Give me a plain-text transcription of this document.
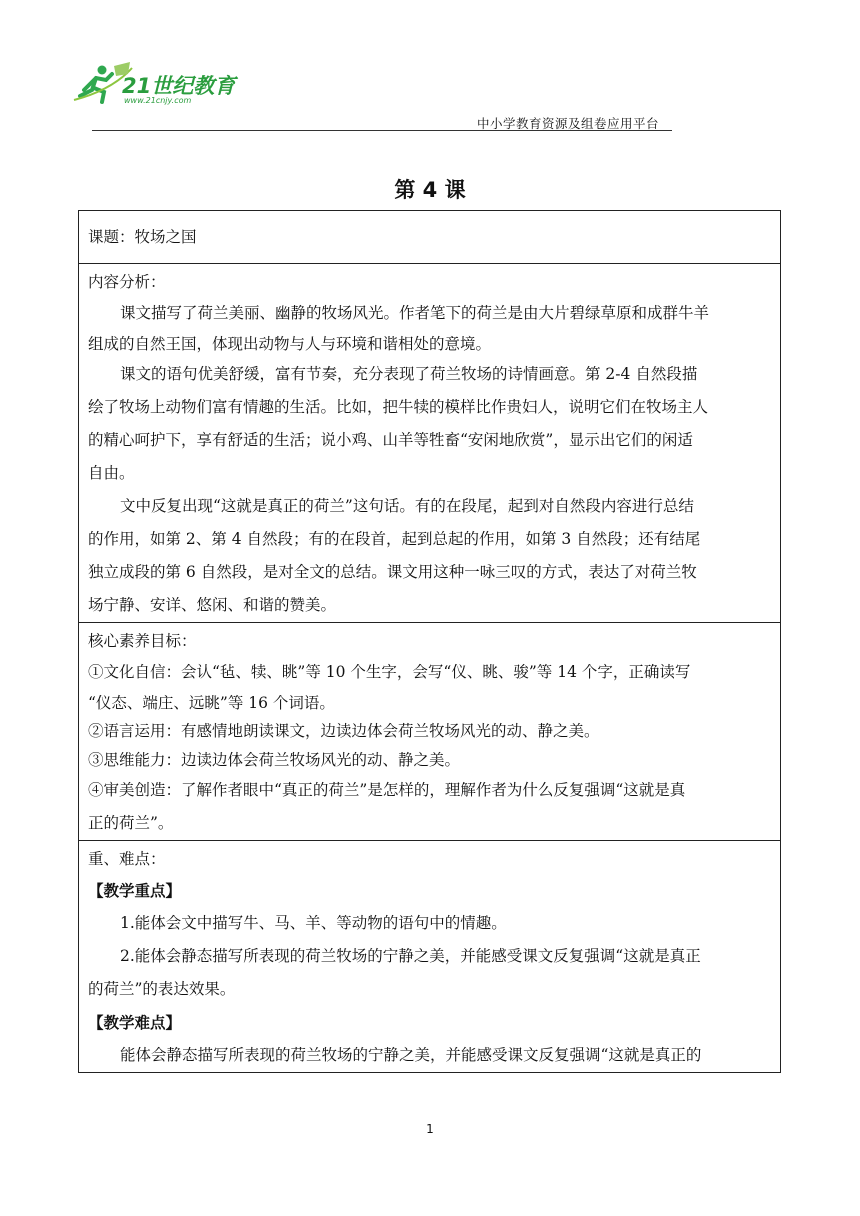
21世纪教育
www.21cnjy.com
中小学教育资源及组卷应用平台
第 4 课
课题：牧场之国

内容分析：
课文描写了荷兰美丽、幽静的牧场风光。作者笔下的荷兰是由大片碧绿草原和成群牛羊
组成的自然王国，体现出动物与人与环境和谐相处的意境。
课文的语句优美舒缓，富有节奏，充分表现了荷兰牧场的诗情画意。第 2-4 自然段描
绘了牧场上动物们富有情趣的生活。比如，把牛犊的模样比作贵妇人，说明它们在牧场主人
的精心呵护下，享有舒适的生活；说小鸡、山羊等牲畜“安闲地欣赏”，显示出它们的闲适
自由。
文中反复出现“这就是真正的荷兰”这句话。有的在段尾，起到对自然段内容进行总结
的作用，如第 2、第 4 自然段；有的在段首，起到总起的作用，如第 3 自然段；还有结尾
独立成段的第 6 自然段，是对全文的总结。课文用这种一咏三叹的方式，表达了对荷兰牧
场宁静、安详、悠闲、和谐的赞美。

核心素养目标：
①文化自信：会认“毡、犊、眺”等 10 个生字，会写“仪、眺、骏”等 14 个字，正确读写
“仪态、端庄、远眺”等 16 个词语。
②语言运用：有感情地朗读课文，边读边体会荷兰牧场风光的动、静之美。
③思维能力：边读边体会荷兰牧场风光的动、静之美。
④审美创造：了解作者眼中“真正的荷兰”是怎样的，理解作者为什么反复强调“这就是真
正的荷兰”。

重、难点：
【教学重点】
1.能体会文中描写牛、马、羊、等动物的语句中的情趣。
2.能体会静态描写所表现的荷兰牧场的宁静之美，并能感受课文反复强调“这就是真正
的荷兰”的表达效果。
【教学难点】
能体会静态描写所表现的荷兰牧场的宁静之美，并能感受课文反复强调“这就是真正的
1
